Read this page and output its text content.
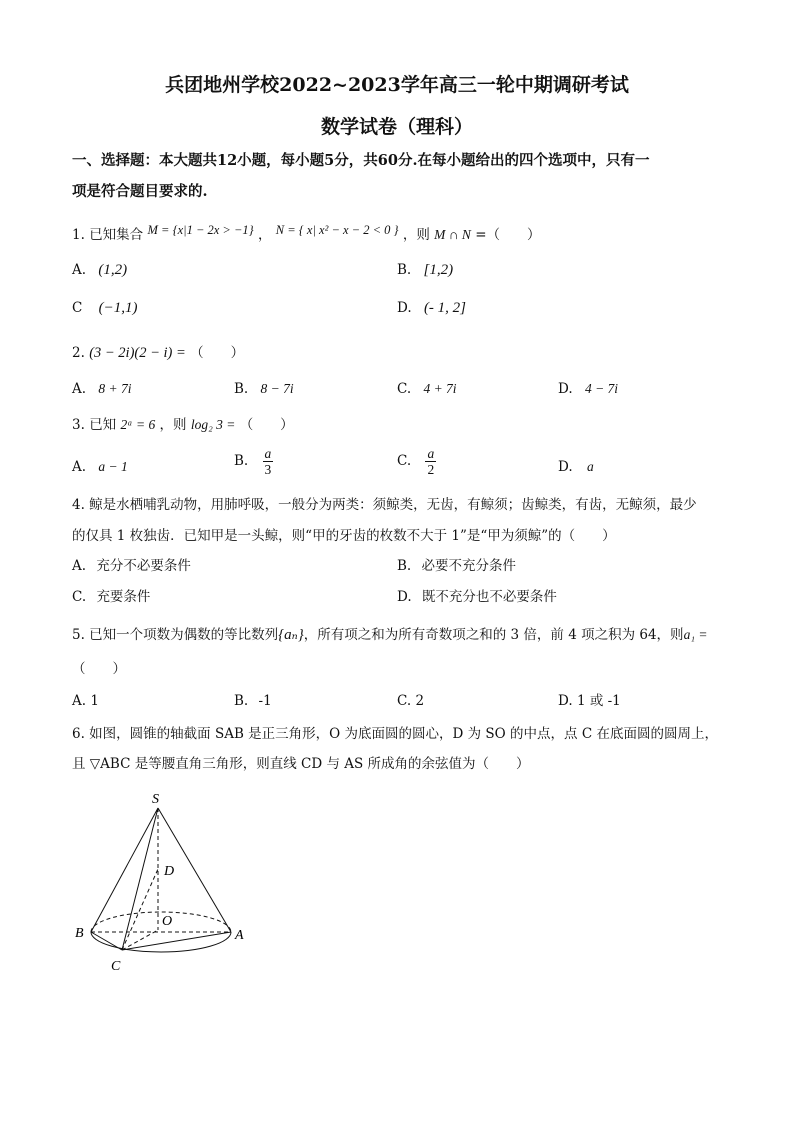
兵团地州学校2022~2023学年高三一轮中期调研考试
数学试卷（理科）
一、选择题：本大题共12小题，每小题5分，共60分.在每小题给出的四个选项中，只有一
项是符合题目要求的.
1. 已知集合 M = {x|1 − 2x > −1} ， N = { x| x² − x − 2 < 0 } ，则 M ∩ N =（　　）
A. (1,2)	B. [1,2)
C (−1,1)	D. (- 1, 2]
2. (3 − 2i)(2 − i) = （　　）
A. 8 + 7i	B. 8 − 7i	C. 4 + 7i	D. 4 − 7i
3. 已知 2ᵃ = 6 ，则 log₂ 3 = （　　）
A. a − 1	B. $\frac{a}{3}$	C. $\frac{a}{2}$	D. a
4. 鲸是水栖哺乳动物，用肺呼吸，一般分为两类：须鲸类，无齿，有鲸须；齿鲸类，有齿，无鲸须，最少
的仅具 1 枚独齿．已知甲是一头鲸，则“甲的牙齿的枚数不大于 1”是“甲为须鲸”的（　　）
A. 充分不必要条件	B. 必要不充分条件
C. 充要条件	D. 既不充分也不必要条件
5. 已知一个项数为偶数的等比数列{aₙ}，所有项之和为所有奇数项之和的 3 倍，前 4 项之积为 64，则a₁ =
（　　）
A. 1	B. -1	C. 2	D. 1 或 -1
6. 如图，圆锥的轴截面 SAB 是正三角形，O 为底面圆的圆心，D 为 SO 的中点，点 C 在底面圆的圆周上，
且 ▽ABC 是等腰直角三角形，则直线 CD 与 AS 所成角的余弦值为（　　）
S
D
O
B	A
C
